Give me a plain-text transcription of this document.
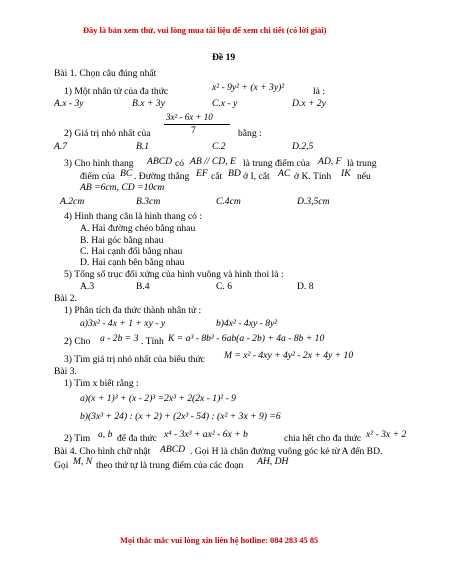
Đây là bản xem thử, vui lòng mua tài liệu để xem chi tiết (có lời giải)
Đề 19
Bài 1. Chọn câu đúng nhất
1) Một nhân tử của đa thức	x² - 9y² + (x + 3y)²	là :
A.x - 3y	B.x + 3y	C.x - y	D.x + 2y
3x² - 6x + 10
2) Giá trị nhỏ nhất của	7	bằng :
A.7	B.1	C.2	D.2,5
3) Cho hình thang ABCD có AB // CD, E là trung điểm của AD, F là trung
điểm của BC . Đường thẳng EF cắt BD ở I, cắt AC ở K. Tính IK nếu
AB =6cm, CD =10cm
A.2cm	B.3cm	C.4cm	D.3,5cm
4) Hình thang cân là hình thang có :
A. Hai đường chéo bằng nhau
B. Hai góc bằng nhau
C. Hai cạnh đối bằng nhau
D. Hai cạnh bên bằng nhau
5) Tổng số trục đối xứng của hình vuông và hình thoi là :
A.3	B.4	C. 6	D. 8
Bài 2.
1) Phân tích đa thức thành nhân tử :
a)3x² - 4x + 1 + xy - y	b)4x² - 4xy - 8y²
2) Cho a - 2b = 3 . Tính K = a³ - 8b³ - 6ab(a - 2b) + 4a - 8b + 10
3) Tìm giá trị nhỏ nhất của biểu thức M = x² - 4xy + 4y² - 2x + 4y + 10
Bài 3.
1) Tìm x biết rằng :
a)(x + 1)³ + (x - 2)³ =2x³ + 2(2x - 1)² - 9
b)(3x³ + 24) : (x + 2) + (2x³ - 54) : (x² + 3x + 9) =6
2) Tìm a, b để đa thức x⁴ - 3x³ + ax² - 6x + b	chia hết cho đa thức x² - 3x + 2
Bài 4. Cho hình chữ nhật ABCD . Gọi H là chân đường vuông góc kẻ từ A đến BD.
Gọi M, N theo thứ tự là trung điểm của các đoạn AH, DH
Mọi thắc mắc vui lòng xin liên hệ hotline: 084 283 45 85
